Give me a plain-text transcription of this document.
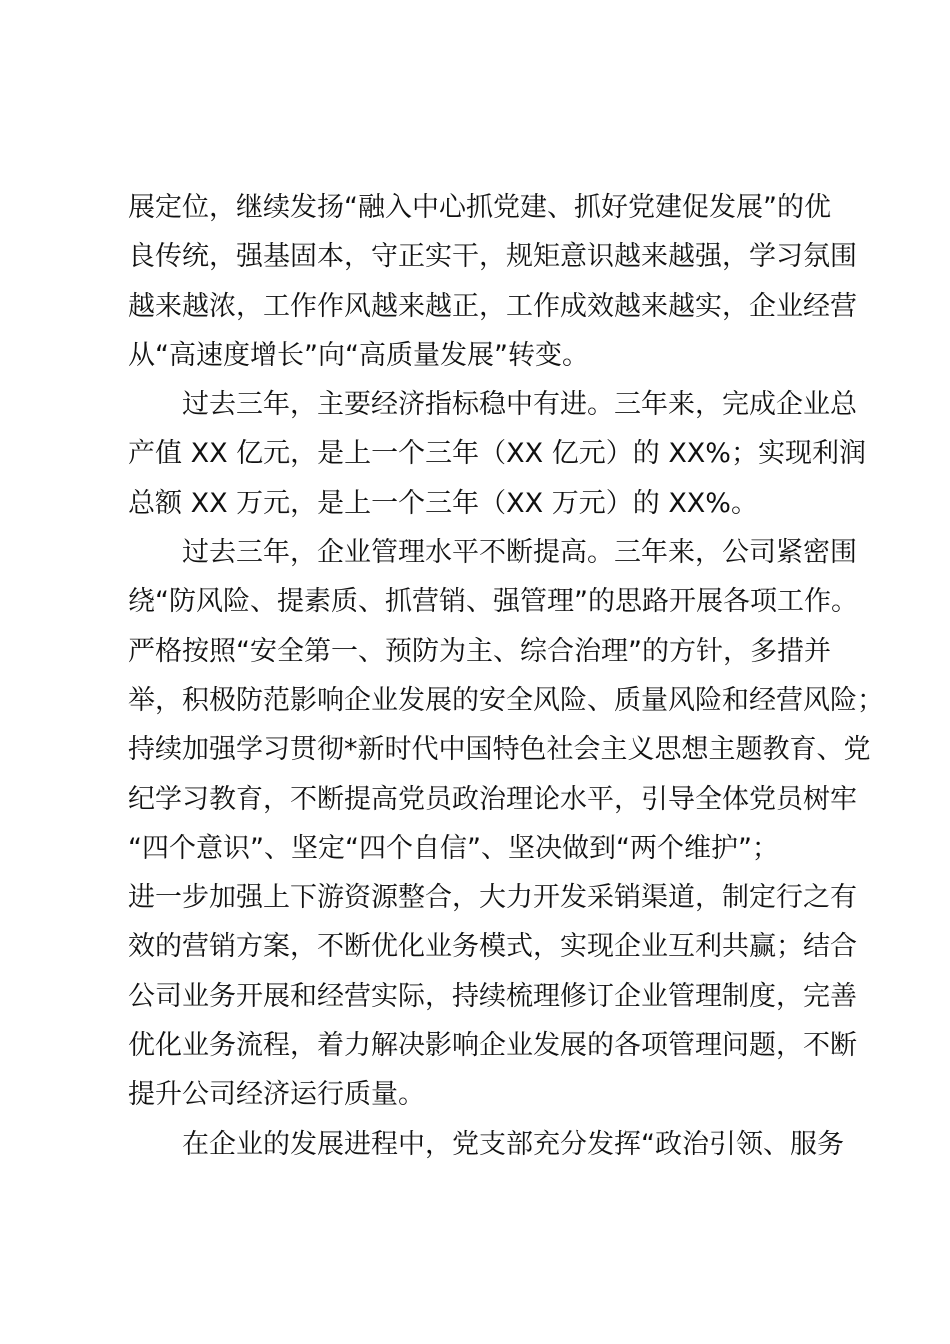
展定位，继续发扬“融入中心抓党建、抓好党建促发展”的优
良传统，强基固本，守正实干，规矩意识越来越强，学习氛围
越来越浓，工作作风越来越正，工作成效越来越实，企业经营
从“高速度增长”向“高质量发展”转变。
过去三年，主要经济指标稳中有进。三年来，完成企业总
产值 XX 亿元，是上一个三年（XX 亿元）的 XX%；实现利润
总额 XX 万元，是上一个三年（XX 万元）的 XX%。
过去三年，企业管理水平不断提高。三年来，公司紧密围
绕“防风险、提素质、抓营销、强管理”的思路开展各项工作。
严格按照“安全第一、预防为主、综合治理”的方针，多措并
举，积极防范影响企业发展的安全风险、质量风险和经营风险；
持续加强学习贯彻*新时代中国特色社会主义思想主题教育、党
纪学习教育，不断提高党员政治理论水平，引导全体党员树牢
“四个意识”、坚定“四个自信”、坚决做到“两个维护”；
进一步加强上下游资源整合，大力开发采销渠道，制定行之有
效的营销方案，不断优化业务模式，实现企业互利共赢；结合
公司业务开展和经营实际，持续梳理修订企业管理制度，完善
优化业务流程，着力解决影响企业发展的各项管理问题，不断
提升公司经济运行质量。
在企业的发展进程中，党支部充分发挥“政治引领、服务
